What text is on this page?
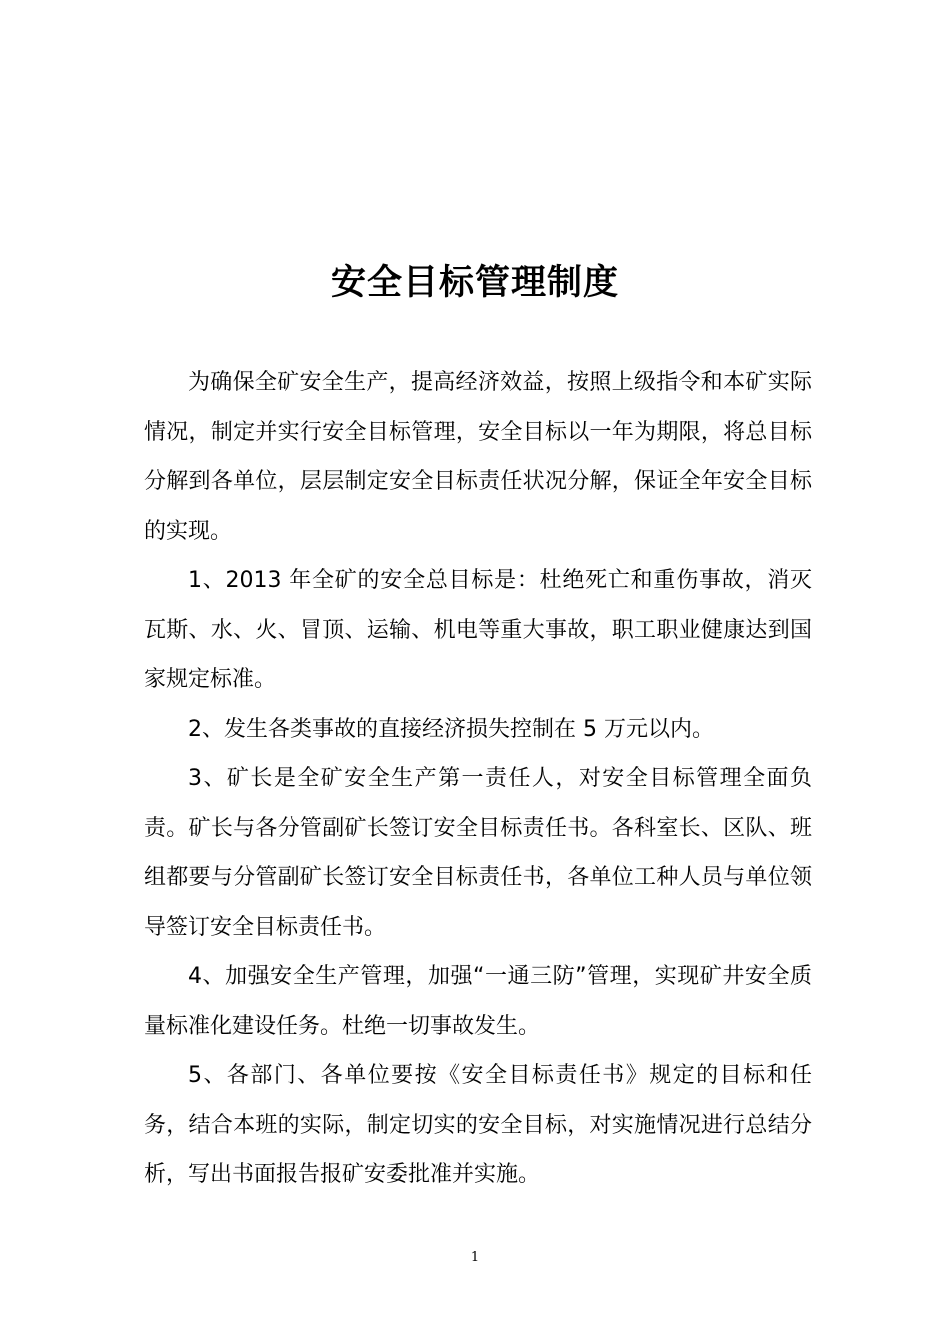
安全目标管理制度

为确保全矿安全生产，提高经济效益，按照上级指令和本矿实际情况，制定并实行安全目标管理，安全目标以一年为期限，将总目标分解到各单位，层层制定安全目标责任状况分解，保证全年安全目标的实现。

1、2013 年全矿的安全总目标是：杜绝死亡和重伤事故，消灭瓦斯、水、火、冒顶、运输、机电等重大事故，职工职业健康达到国家规定标准。

2、发生各类事故的直接经济损失控制在 5 万元以内。

3、矿长是全矿安全生产第一责任人，对安全目标管理全面负责。矿长与各分管副矿长签订安全目标责任书。各科室长、区队、班组都要与分管副矿长签订安全目标责任书，各单位工种人员与单位领导签订安全目标责任书。

4、加强安全生产管理，加强“一通三防”管理，实现矿井安全质量标准化建设任务。杜绝一切事故发生。

5、各部门、各单位要按《安全目标责任书》规定的目标和任务，结合本班的实际，制定切实的安全目标，对实施情况进行总结分析，写出书面报告报矿安委批准并实施。

1
